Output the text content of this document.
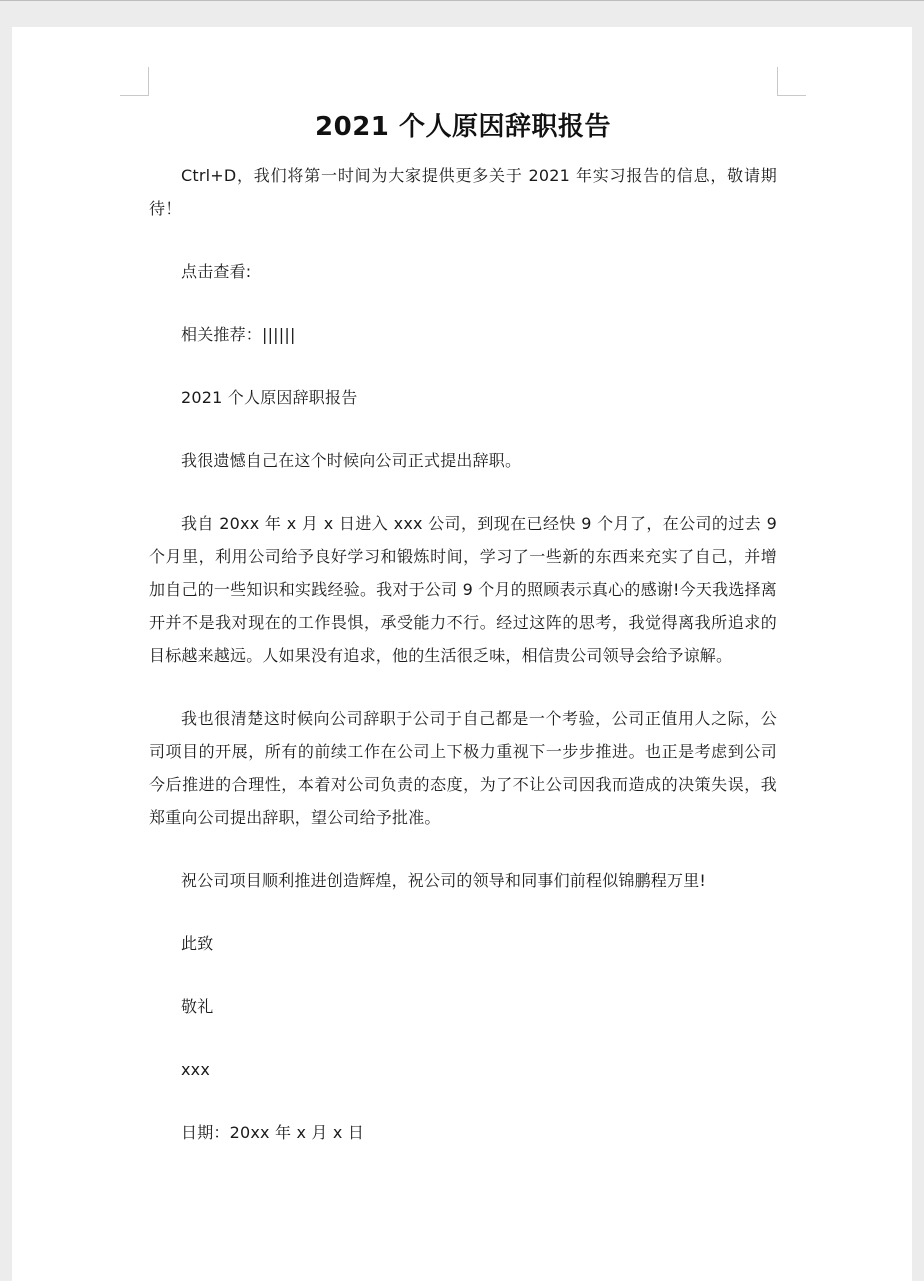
2021 个人原因辞职报告

Ctrl+D，我们将第一时间为大家提供更多关于 2021 年实习报告的信息，敬请期待！

点击查看:

相关推荐：||||||

2021 个人原因辞职报告

我很遗憾自己在这个时候向公司正式提出辞职。

我自 20xx 年 x 月 x 日进入 xxx 公司，到现在已经快 9 个月了，在公司的过去 9 个月里，利用公司给予良好学习和锻炼时间，学习了一些新的东西来充实了自己，并增加自己的一些知识和实践经验。我对于公司 9 个月的照顾表示真心的感谢!今天我选择离开并不是我对现在的工作畏惧，承受能力不行。经过这阵的思考，我觉得离我所追求的目标越来越远。人如果没有追求，他的生活很乏味，相信贵公司领导会给予谅解。

我也很清楚这时候向公司辞职于公司于自己都是一个考验，公司正值用人之际，公司项目的开展，所有的前续工作在公司上下极力重视下一步步推进。也正是考虑到公司今后推进的合理性，本着对公司负责的态度，为了不让公司因我而造成的决策失误，我郑重向公司提出辞职，望公司给予批准。

祝公司项目顺利推进创造辉煌，祝公司的领导和同事们前程似锦鹏程万里!

此致

敬礼

xxx

日期：20xx 年 x 月 x 日
